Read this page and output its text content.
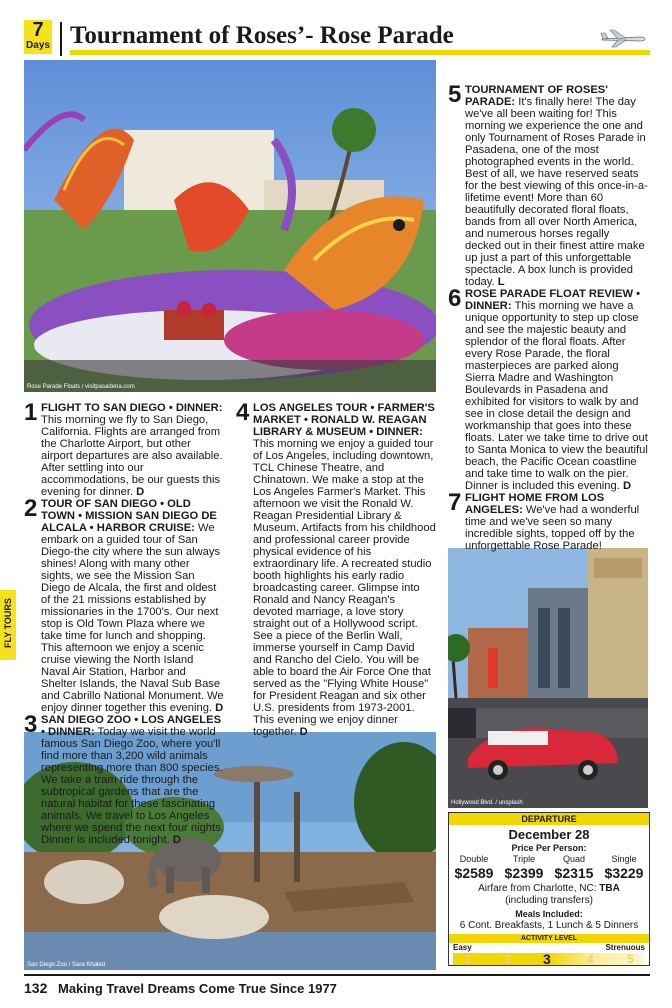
7
Days Tournament of Roses’- Rose Parade
FLY TOURS
Rose Parade Floats / visitpasadena.com
San Diego Zoo / Sara Khaled
Hollywood Blvd. / unsplash
1 FLIGHT TO SAN DIEGO • DINNER: This morning we fly to San Diego, California. Flights are arranged from the Charlotte Airport, but other airport departures are also available. After settling into our accommodations, be our guests this evening for dinner. D
2 TOUR OF SAN DIEGO • OLD TOWN • MISSION SAN DIEGO DE ALCALA • HARBOR CRUISE: We embark on a guided tour of San Diego-the city where the sun always shines! Along with many other sights, we see the Mission San Diego de Alcala, the first and oldest of the 21 missions established by missionaries in the 1700's. Our next stop is Old Town Plaza where we take time for lunch and shopping. This afternoon we enjoy a scenic cruise viewing the North Island Naval Air Station, Harbor and Shelter Islands, the Naval Sub Base and Cabrillo National Monument. We enjoy dinner together this evening. D
3 SAN DIEGO ZOO • LOS ANGELES • DINNER: Today we visit the world famous San Diego Zoo, where you'll find more than 3,200 wild animals representing more than 800 species. We take a tram ride through the subtropical gardens that are the natural habitat for these fascinating animals. We travel to Los Angeles where we spend the next four nights. Dinner is included tonight. D
4 LOS ANGELES TOUR • FARMER'S MARKET • RONALD W. REAGAN LIBRARY & MUSEUM • DINNER: This morning we enjoy a guided tour of Los Angeles, including downtown, TCL Chinese Theatre, and Chinatown. We make a stop at the Los Angeles Farmer's Market. This afternoon we visit the Ronald W. Reagan Presidential Library & Museum. Artifacts from his childhood and professional career provide physical evidence of his extraordinary life. A recreated studio booth highlights his early radio broadcasting career. Glimpse into Ronald and Nancy Reagan's devoted marriage, a love story straight out of a Hollywood script. See a piece of the Berlin Wall, immerse yourself in Camp David and Rancho del Cielo. You will be able to board the Air Force One that served as the "Flying White House" for President Reagan and six other U.S. presidents from 1973-2001. This evening we enjoy dinner together. D
5 TOURNAMENT OF ROSES' PARADE: It's finally here! The day we've all been waiting for! This morning we experience the one and only Tournament of Roses Parade in Pasadena, one of the most photographed events in the world. Best of all, we have reserved seats for the best viewing of this once-in-a-lifetime event! More than 60 beautifully decorated floral floats, bands from all over North America, and numerous horses regally decked out in their finest attire make up just a part of this unforgettable spectacle. A box lunch is provided today. L
6 ROSE PARADE FLOAT REVIEW • DINNER: This morning we have a unique opportunity to step up close and see the majestic beauty and splendor of the floral floats. After every Rose Parade, the floral masterpieces are parked along Sierra Madre and Washington Boulevards in Pasadena and exhibited for visitors to walk by and see in close detail the design and workmanship that goes into these floats. Later we take time to drive out to Santa Monica to view the beautiful beach, the Pacific Ocean coastline and take time to walk on the pier. Dinner is included this evening. D
7 FLIGHT HOME FROM LOS ANGELES: We've had a wonderful time and we've seen so many incredible sights, topped off by the unforgettable Rose Parade!
DEPARTURE
December 28
Price Per Person:
Double	Triple	Quad	Single
$2589 $2399 $2315 $3229
Airfare from Charlotte, NC: TBA
(including transfers)
Meals Included:
6 Cont. Breakfasts, 1 Lunch & 5 Dinners
ACTIVITY LEVEL
1	2 3	4	5
Easy	Strenuous
132 Making Travel Dreams Come True Since 1977
